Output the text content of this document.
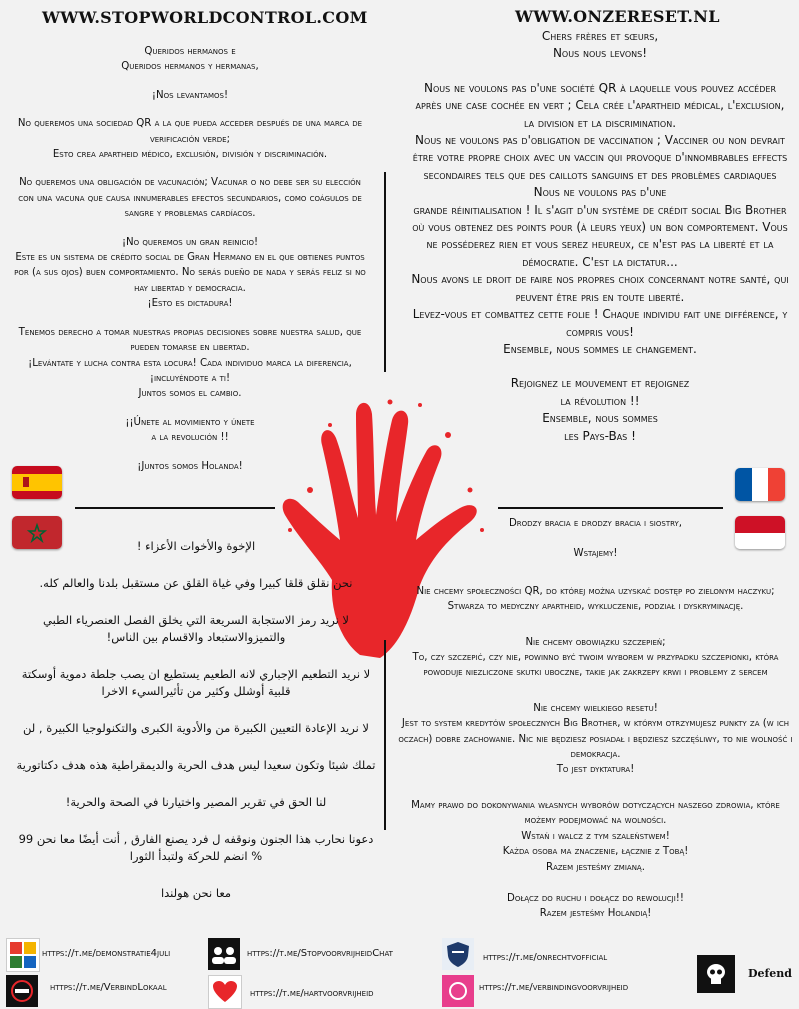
WWW.STOPWORLDCONTROL.COM	WWW.ONZERESET.NL

Queridos hermanos e
Queridos hermanos y hermanas,

¡Nos levantamos!

No queremos una sociedad QR a la que pueda acceder después de una marca de verificación verde;
Esto crea apartheid médico, exclusión, división y discriminación.

No queremos una obligación de vacunación; Vacunar o no debe ser su elección con una vacuna que causa innumerables efectos secundarios, como coágulos de sangre y problemas cardíacos.

¡No queremos un gran reinicio!
Este es un sistema de crédito social de Gran Hermano en el que obtienes puntos por (a sus ojos) buen comportamiento. No serás dueño de nada y serás feliz si no hay libertad y democracia.
¡Esto es dictadura!

Tenemos derecho a tomar nuestras propias decisiones sobre nuestra salud, que pueden tomarse en libertad.
¡Levántate y lucha contra esta locura! Cada individuo marca la diferencia, ¡incluyéndote a ti!
Juntos somos el cambio.

¡¡Únete al movimiento y únete
a la revolución !!

¡Juntos somos Holanda!

Chers frères et sœurs,
Nous nous levons!

Nous ne voulons pas d'une société QR à laquelle vous pouvez accéder après une case cochée en vert ; Cela crée l'apartheid médical, l'exclusion, la division et la discrimination.

Nous ne voulons pas d'obligation de vaccination ; Vacciner ou non devrait être votre propre choix avec un vaccin qui provoque d'innombrables effects secondaires tels que des caillots sanguins et des problèmes cardiaques

Nous ne voulons pas d'une
grande réinitialisation ! Il s'agit d'un système de crédit social Big Brother où vous obtenez des points pour (à leurs yeux) un bon comportement. Vous ne posséderez rien et vous serez heureux, ce n'est pas la liberté et la démocratie. C'est la dictatur...

Nous avons le droit de faire nos propres choix concernant notre santé, qui peuvent être pris en toute liberté.
Levez-vous et combattez cette folie ! Chaque individu fait une différence, y compris vous!
Ensemble, nous sommes le changement.

Rejoignez le mouvement et rejoignez
la révolution !!
Ensemble, nous sommes
les Pays-Bas !

الإخوة والأخوات الأعزاء !

نحن نقلق قلقا كبيرا وفي غياة القلق عن مستقبل بلدنا والعالم كله.

لا نريد رمز الاستجابة السريعة التي يخلق الفصل العنصرياء الطبي والتميزوالاستبعاد والاقسام بين الناس!

لا نريد التطعيم الإجباري لانه الطعيم يستطيع ان يصب جلطة دموية أوسكتة قلبية أوشلل وكثير من تأثيرالسيء الاخرا

لا نريد الإعادة التعيين الكبيرة من والأدوية الكبرى والتكنولوجيا الكبيرة , لن

تملك شيئا وتكون سعيدا ليس هدف الحرية والديمقراطية هذه هدف دكتاتورية

لنا الحق في تقرير المصير واختيارنا في الصحة والحرية!

دعونا نحارب هذا الجنون ونوقفه ل فرد يصنع الفارق , أنت أيضًا معا نحن 99 % انضم للحركة ولتبدأ الثورا

معا نحن هولندا

Drodzy bracia e drodzy bracia i siostry,

Wstajemy!

Nie chcemy społeczności QR, do której można uzyskać dostęp po zielonym haczyku; Stwarza to medyczny apartheid, wykluczenie, podział i dyskryminację.

Nie chcemy obowiązku szczepień;
To, czy szczepić, czy nie, powinno być twoim wyborem w przypadku szczepionki, która powoduje niezliczone skutki uboczne, takie jak zakrzepy krwi i problemy z sercem

Nie chcemy wielkiego resetu!
Jest to system kredytów społecznych Big Brother, w którym otrzymujesz punkty za (w ich oczach) dobre zachowanie. Nic nie będziesz posiadał i będziesz szczęśliwy, to nie wolność i demokracja.
To jest dyktatura!

Mamy prawo do dokonywania własnych wyborów dotyczących naszego zdrowia, które możemy podejmować na wolności.
Wstań i walcz z tym szaleństwem!
Każda osoba ma znaczenie, łącznie z Tobą!
Razem jesteśmy zmianą.

Dołącz do ruchu i dołącz do rewolucji!!
Razem jesteśmy Holandią!

https://t.me/demonstratie4juli	https://t.me/StopvoorvrijheidChat	https://t.me/onrechtvofficial
https://t.me/VerbindLokaal
https://t.me/hartvoorvrijheid
https://t.me/verbindingvoorvrijheid
Defend
